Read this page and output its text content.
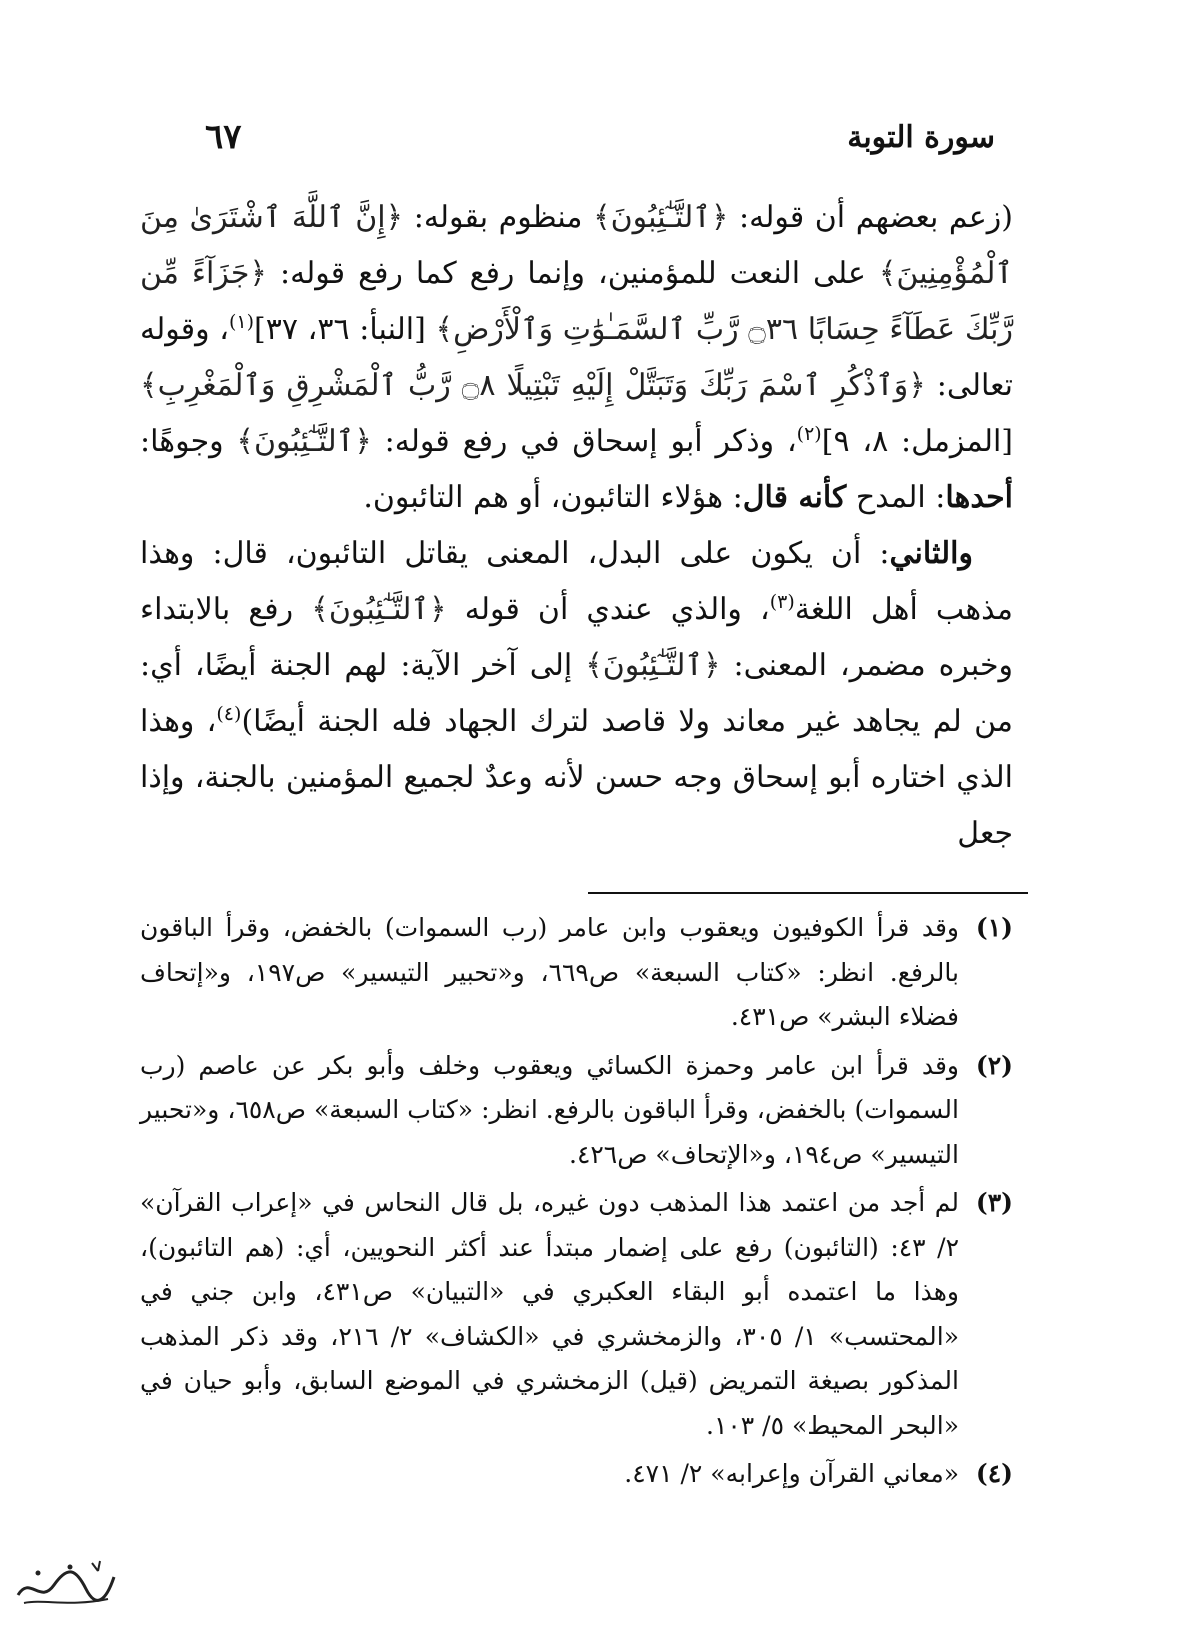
سورة التوبة
٦٧

(زعم بعضهم أن قوله: ﴿ٱلتَّـٰٓئِبُونَ﴾ منظوم بقوله: ﴿إِنَّ ٱللَّهَ ٱشْتَرَىٰ مِنَ ٱلْمُؤْمِنِينَ﴾ على النعت للمؤمنين، وإنما رفع كما رفع قوله: ﴿جَزَآءً مِّن رَّبِّكَ عَطَآءً حِسَابًا ۝٣٦ رَّبِّ ٱلسَّمَـٰوَٰتِ وَٱلْأَرْضِ﴾ [النبأ: ٣٦، ٣٧]$^{(١)}$، وقوله تعالى: ﴿وَٱذْكُرِ ٱسْمَ رَبِّكَ وَتَبَتَّلْ إِلَيْهِ تَبْتِيلًا ۝٨ رَّبُّ ٱلْمَشْرِقِ وَٱلْمَغْرِبِ﴾ [المزمل: ٨، ٩]$^{(٢)}$، وذكر أبو إسحاق في رفع قوله: ﴿ٱلتَّـٰٓئِبُونَ﴾ وجوهًا: أحدها: المدح كأنه قال: هؤلاء التائبون، أو هم التائبون.

والثاني: أن يكون على البدل، المعنى يقاتل التائبون، قال: وهذا مذهب أهل اللغة$^{(٣)}$، والذي عندي أن قوله ﴿ٱلتَّـٰٓئِبُونَ﴾ رفع بالابتداء وخبره مضمر، المعنى: ﴿ٱلتَّـٰٓئِبُونَ﴾ إلى آخر الآية: لهم الجنة أيضًا، أي: من لم يجاهد غير معاند ولا قاصد لترك الجهاد فله الجنة أيضًا)$^{(٤)}$، وهذا الذي اختاره أبو إسحاق وجه حسن لأنه وعدٌ لجميع المؤمنين بالجنة، وإذا جعل

(١)
وقد قرأ الكوفيون ويعقوب وابن عامر (رب السموات) بالخفض، وقرأ الباقون بالرفع. انظر: «كتاب السبعة» ص٦٦٩، و«تحبير التيسير» ص١٩٧، و«إتحاف فضلاء البشر» ص٤٣١.
(٢)
وقد قرأ ابن عامر وحمزة الكسائي ويعقوب وخلف وأبو بكر عن عاصم (رب السموات) بالخفض، وقرأ الباقون بالرفع. انظر: «كتاب السبعة» ص٦٥٨، و«تحبير التيسير» ص١٩٤، و«الإتحاف» ص٤٢٦.
(٣)
لم أجد من اعتمد هذا المذهب دون غيره، بل قال النحاس في «إعراب القرآن» ٢/ ٤٣: (التائبون) رفع على إضمار مبتدأ عند أكثر النحويين، أي: (هم التائبون)، وهذا ما اعتمده أبو البقاء العكبري في «التبيان» ص٤٣١، وابن جني في «المحتسب» ١/ ٣٠٥، والزمخشري في «الكشاف» ٢/ ٢١٦، وقد ذكر المذهب المذكور بصيغة التمريض (قيل) الزمخشري في الموضع السابق، وأبو حيان في «البحر المحيط» ٥/ ١٠٣.
(٤)
«معاني القرآن وإعرابه» ٢/ ٤٧١.
